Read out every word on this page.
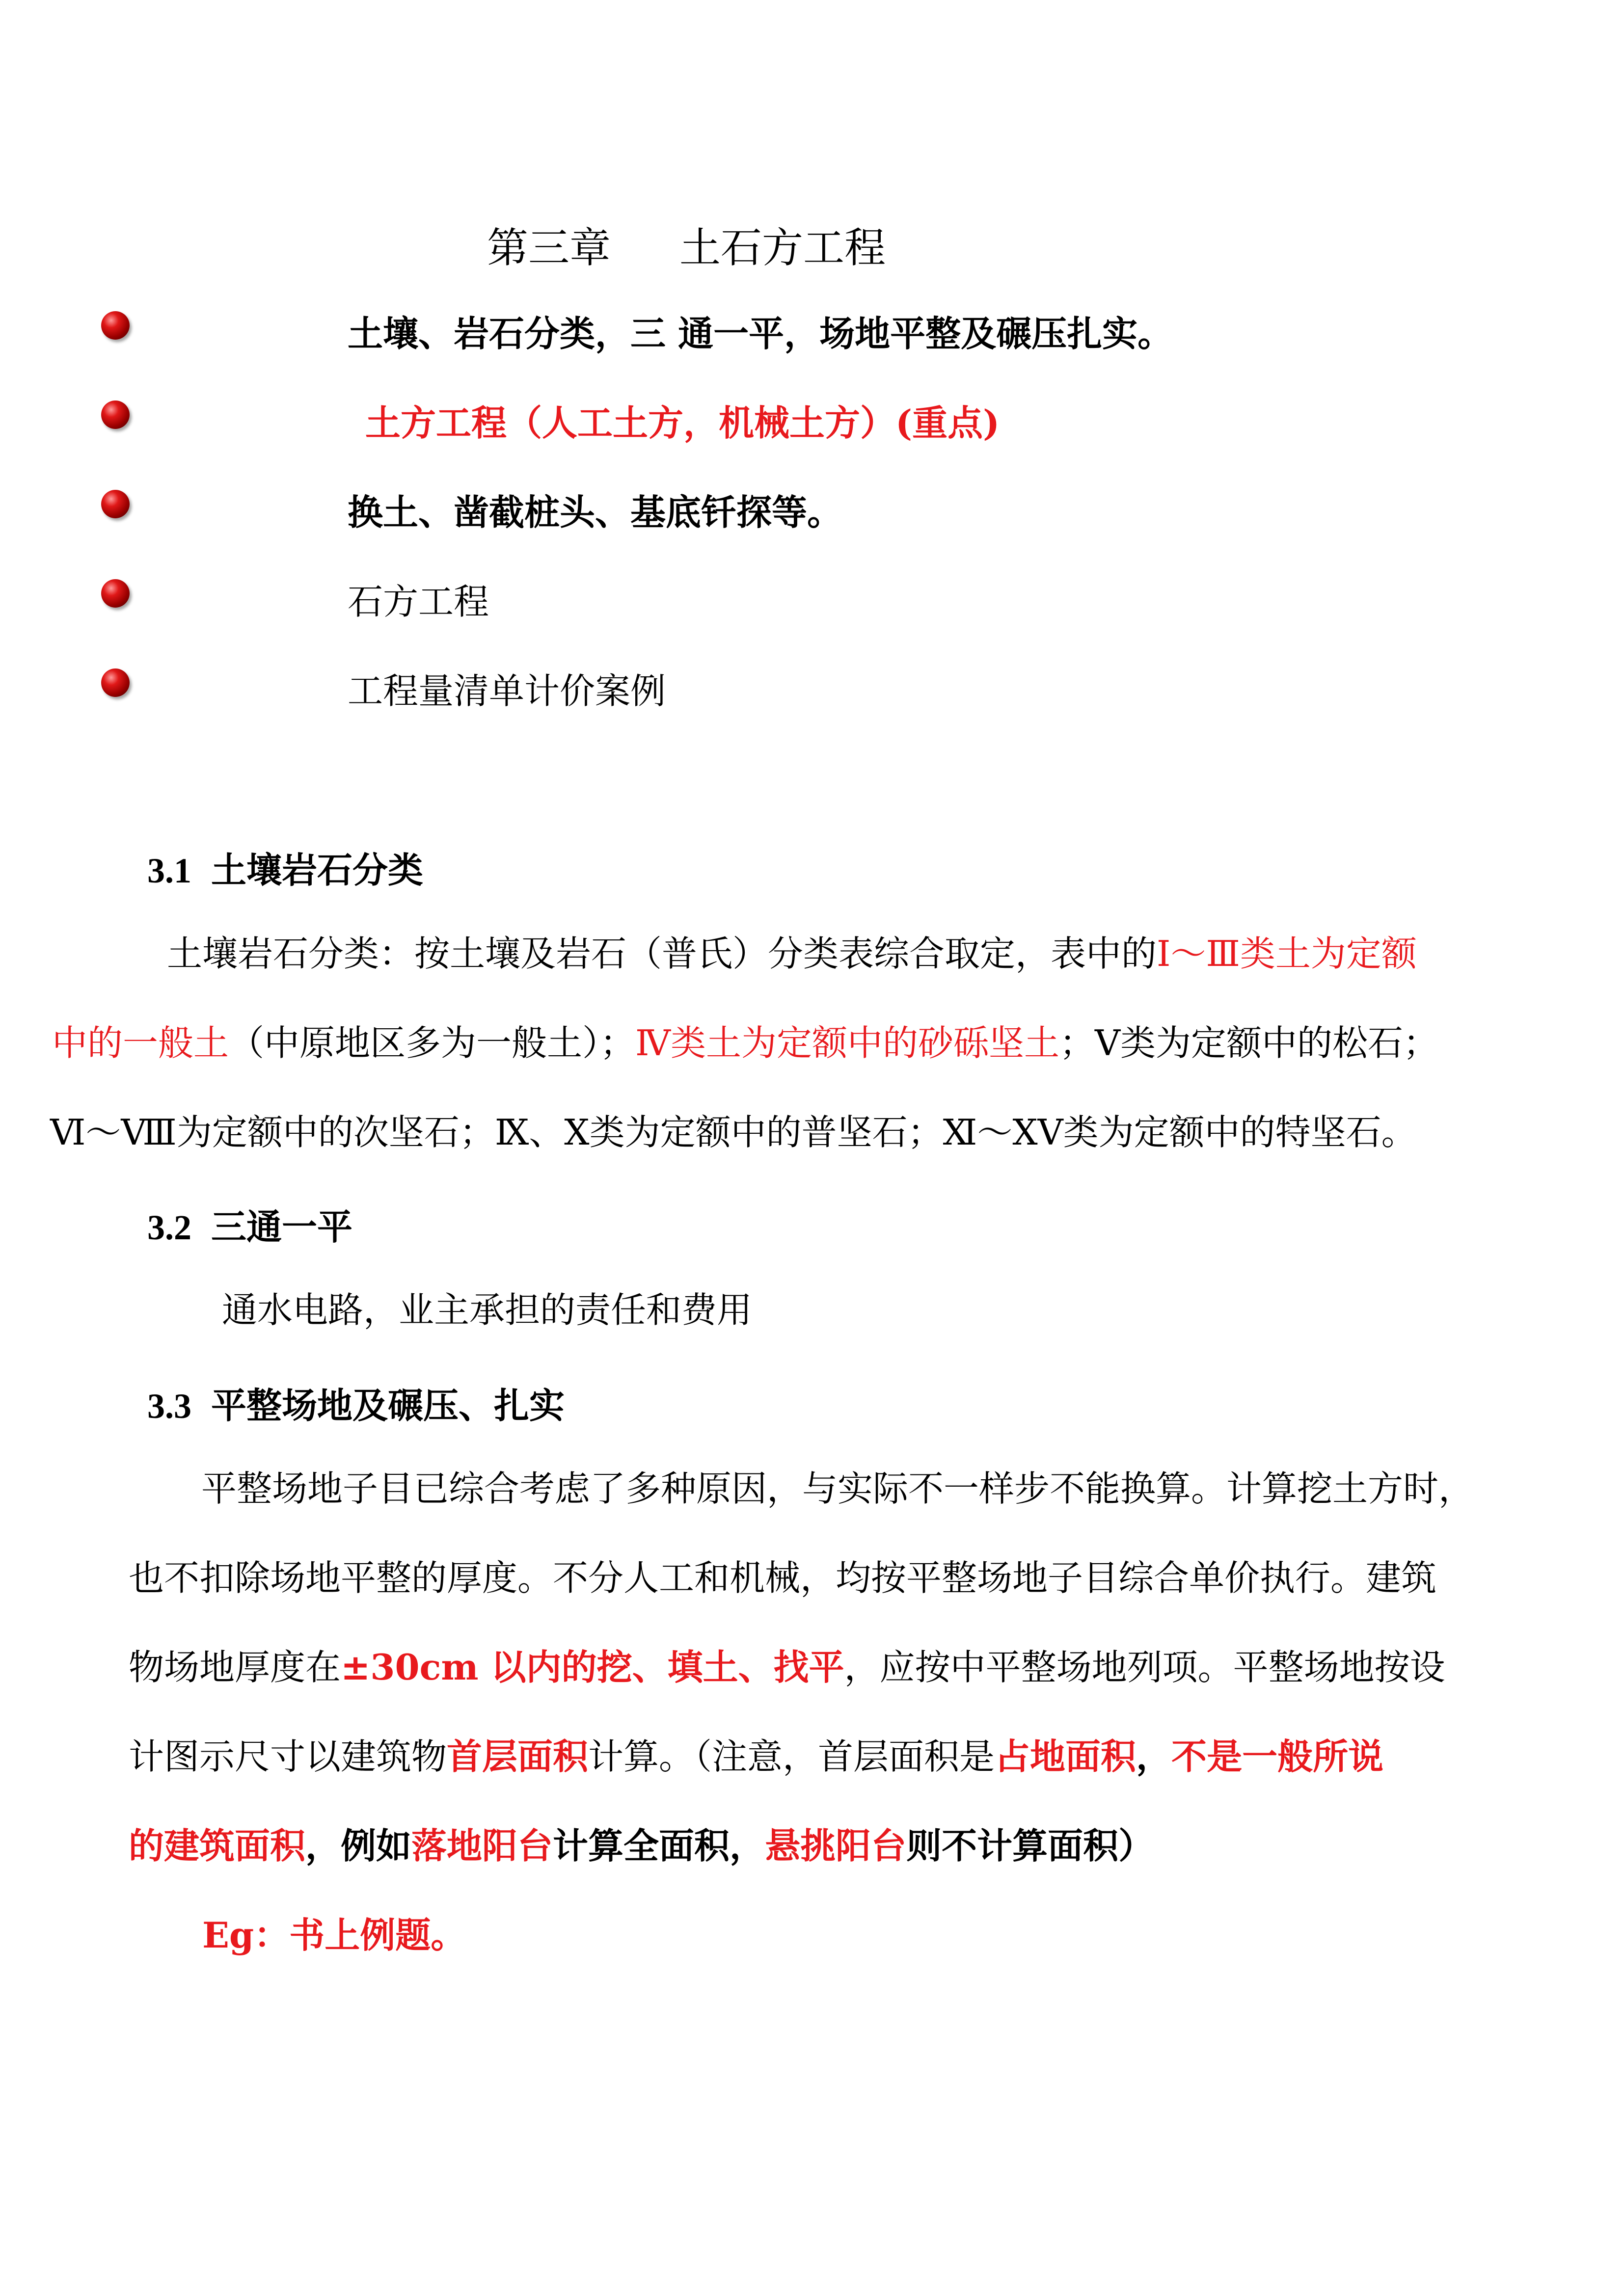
第三章 土石方工程
土壤、岩石分类，三 通一平，场地平整及碾压扎实。
土方工程（人工土方，机械土方）(重点)
换土、凿截桩头、基底钎探等。
石方工程
工程量清单计价案例
3.1 土壤岩石分类
土壤岩石分类：按土壤及岩石（普氏）分类表综合取定，表中的Ⅰ～Ⅲ类土为定额
中的一般土（中原地区多为一般土）；Ⅳ类土为定额中的砂砾坚土；Ⅴ类为定额中的松石；
Ⅵ～Ⅷ为定额中的次坚石；Ⅸ、Ⅹ类为定额中的普坚石；Ⅺ～ⅩⅤ类为定额中的特坚石。
3.2 三通一平
通水电路，业主承担的责任和费用
3.3 平整场地及碾压、扎实
平整场地子目已综合考虑了多种原因，与实际不一样步不能换算。计算挖土方时，
也不扣除场地平整的厚度。不分人工和机械，均按平整场地子目综合单价执行。建筑
物场地厚度在±30cm 以内的挖、填土、找平，应按中平整场地列项。平整场地按设
计图示尺寸以建筑物首层面积计算。（注意，首层面积是占地面积，不是一般所说
的建筑面积，例如落地阳台计算全面积，悬挑阳台则不计算面积）
Eg：书上例题。
